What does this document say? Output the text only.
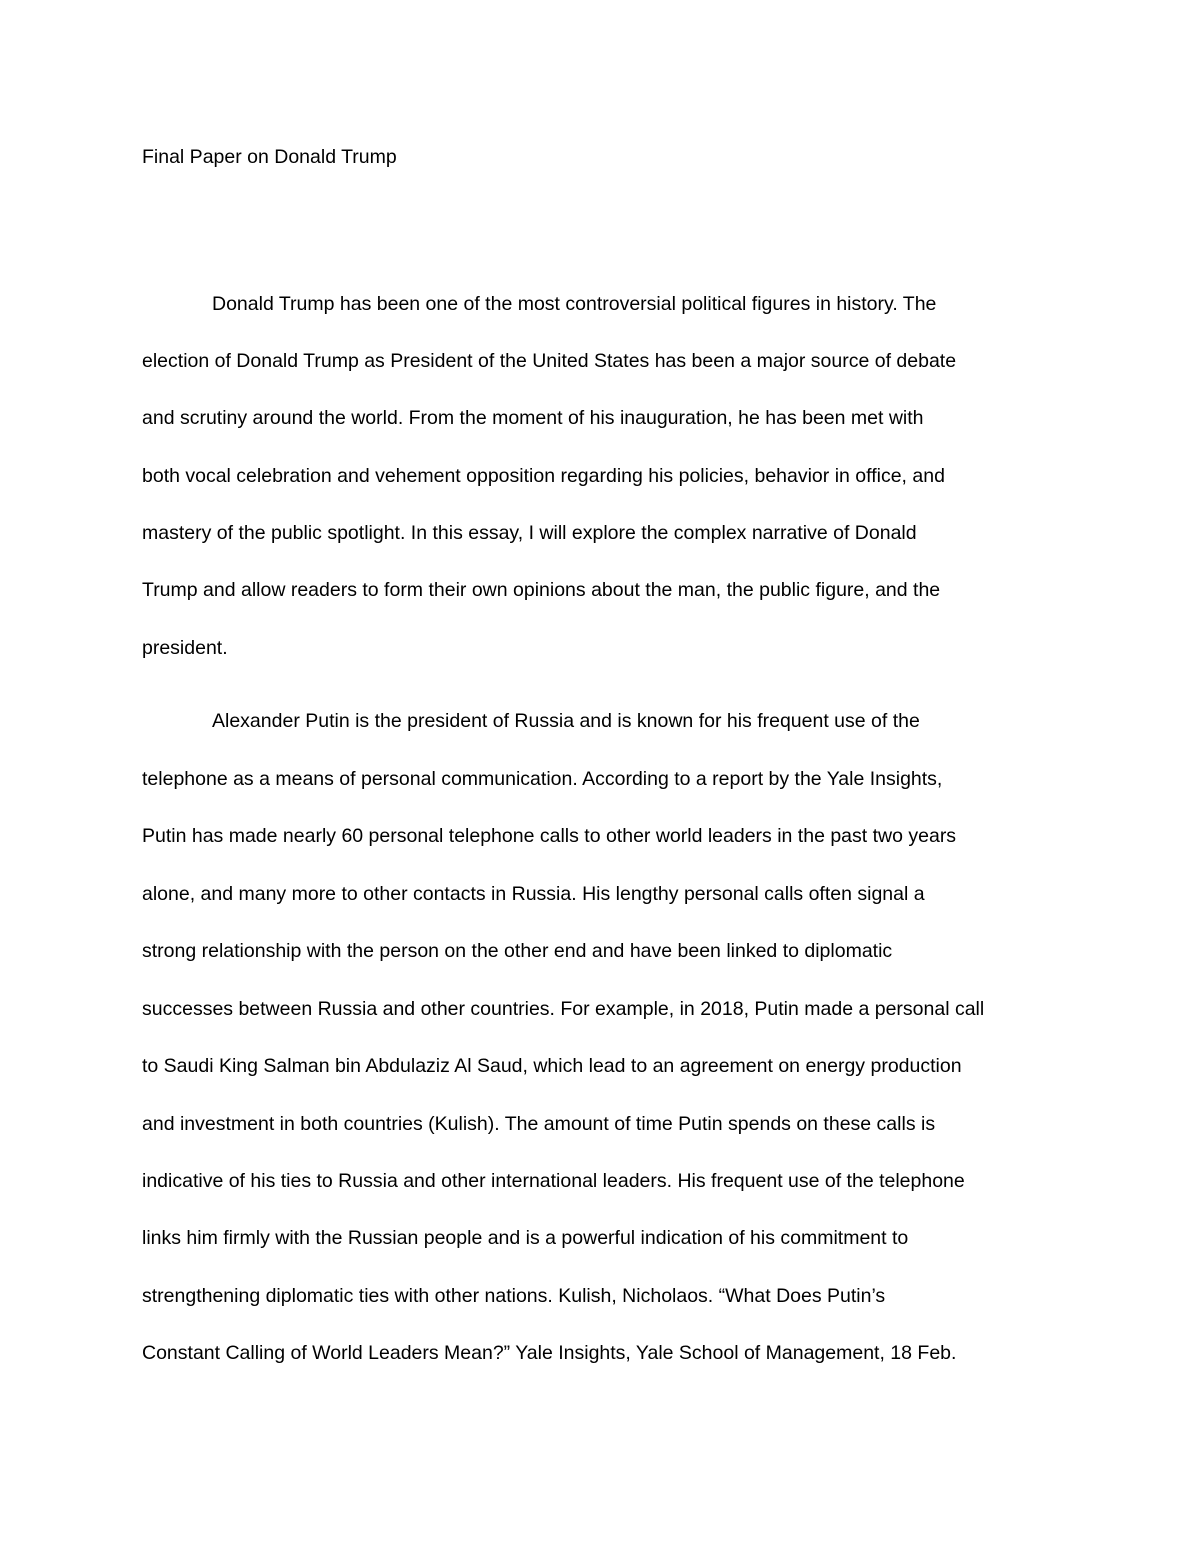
Final Paper on Donald Trump

Donald Trump has been one of the most controversial political figures in history. The

election of Donald Trump as President of the United States has been a major source of debate

and scrutiny around the world. From the moment of his inauguration, he has been met with

both vocal celebration and vehement opposition regarding his policies, behavior in office, and

mastery of the public spotlight. In this essay, I will explore the complex narrative of Donald

Trump and allow readers to form their own opinions about the man, the public figure, and the

president.

Alexander Putin is the president of Russia and is known for his frequent use of the

telephone as a means of personal communication. According to a report by the Yale Insights,

Putin has made nearly 60 personal telephone calls to other world leaders in the past two years

alone, and many more to other contacts in Russia. His lengthy personal calls often signal a

strong relationship with the person on the other end and have been linked to diplomatic

successes between Russia and other countries. For example, in 2018, Putin made a personal call

to Saudi King Salman bin Abdulaziz Al Saud, which lead to an agreement on energy production

and investment in both countries (Kulish). The amount of time Putin spends on these calls is

indicative of his ties to Russia and other international leaders. His frequent use of the telephone

links him firmly with the Russian people and is a powerful indication of his commitment to

strengthening diplomatic ties with other nations. Kulish, Nicholaos. “What Does Putin’s

Constant Calling of World Leaders Mean?” Yale Insights, Yale School of Management, 18 Feb.
